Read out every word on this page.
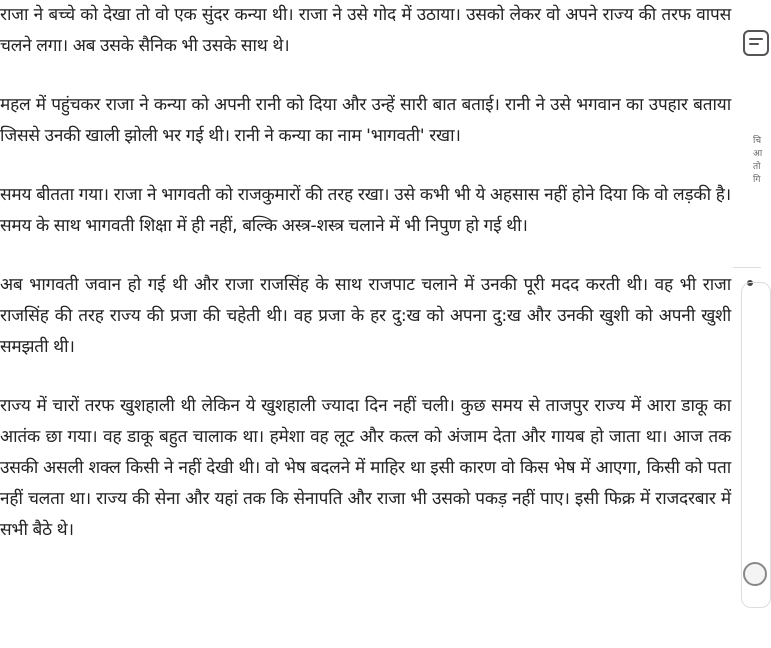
राजा ने बच्चे को देखा तो वो एक सुंदर कन्या थी। राजा ने उसे गोद में उठाया। उसको लेकर वो अपने राज्य की तरफ वापस चलने लगा। अब उसके सैनिक भी उसके साथ थे।

महल में पहुंचकर राजा ने कन्या को अपनी रानी को दिया और उन्हें सारी बात बताई। रानी ने उसे भगवान का उपहार बताया जिससे उनकी खाली झोली भर गई थी। रानी ने कन्या का नाम 'भागवती' रखा।

समय बीतता गया। राजा ने भागवती को राजकुमारों की तरह रखा। उसे कभी भी ये अहसास नहीं होने दिया कि वो लड़की है। समय के साथ भागवती शिक्षा में ही नहीं, बल्कि अस्त्र-शस्त्र चलाने में भी निपुण हो गई थी।

अब भागवती जवान हो गई थी और राजा राजसिंह के साथ राजपाट चलाने में उनकी पूरी मदद करती थी। वह भी राजा राजसिंह की तरह राज्य की प्रजा की चहेती थी। वह प्रजा के हर दु:ख को अपना दु:ख और उनकी खुशी को अपनी खुशी समझती थी।

राज्य में चारों तरफ खुशहाली थी लेकिन ये खुशहाली ज्यादा दिन नहीं चली। कुछ समय से ताजपुर राज्य में आरा डाकू का आतंक छा गया। वह डाकू बहुत चालाक था। हमेशा वह लूट और कत्ल को अंजाम देता और गायब हो जाता था। आज तक उसकी असली शक्ल किसी ने नहीं देखी थी। वो भेष बदलने में माहिर था इसी कारण वो किस भेष में आएगा, किसी को पता नहीं चलता था। राज्य की सेना और यहां तक कि सेनापति और राजा भी उसको पकड़ नहीं पाए। इसी फिक्र में राजदरबार में सभी बैठे थे।

चि
आ
तो
गि
